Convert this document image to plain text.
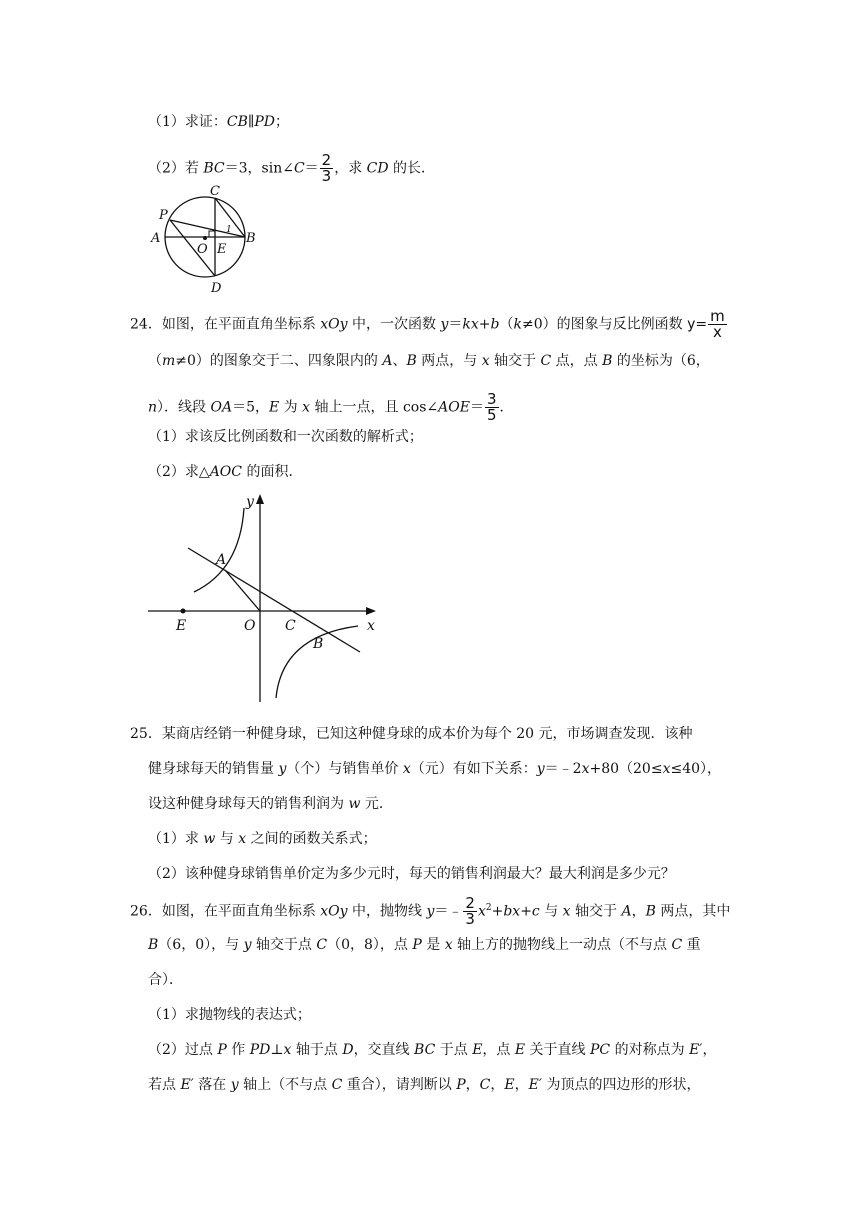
（1）求证：CB∥PD；
（2）若 BC＝3，sin∠C＝ $\frac{2}{3}$ ，求 CD 的长．
C
P
A
O E
B
D
1
24．如图，在平面直角坐标系 xOy 中，一次函数 y＝kx+b（k≠0）的图象与反比例函数 $y= \frac{m}{x}$
（m≠0）的图象交于二、四象限内的 A、B 两点，与 x 轴交于 C 点，点 B 的坐标为（6，
n）．线段 OA＝5，E 为 x 轴上一点，且 cos∠AOE＝ $\frac{3}{5}$ ．
（1）求该反比例函数和一次函数的解析式；
（2）求△AOC 的面积．
y
A
E	O C	x
B
25．某商店经销一种健身球，已知这种健身球的成本价为每个 20 元，市场调查发现．该种
健身球每天的销售量 y（个）与销售单价 x（元）有如下关系：y＝﹣2x+80（20≤x≤40），
设这种健身球每天的销售利润为 w 元．
（1）求 w 与 x 之间的函数关系式；
（2）该种健身球销售单价定为多少元时，每天的销售利润最大？最大利润是多少元？
26．如图，在平面直角坐标系 xOy 中，抛物线 y＝﹣ $\frac{2}{3} x^2+bx+c$ 与 x 轴交于 A，B 两点，其中
B（6，0），与 y 轴交于点 C（0，8），点 P 是 x 轴上方的抛物线上一动点（不与点 C 重
合）．
（1）求抛物线的表达式；
（2）过点 P 作 PD⊥x 轴于点 D，交直线 BC 于点 E，点 E 关于直线 PC 的对称点为 E′，
若点 E′ 落在 y 轴上（不与点 C 重合），请判断以 P，C，E，E′ 为顶点的四边形的形状，
